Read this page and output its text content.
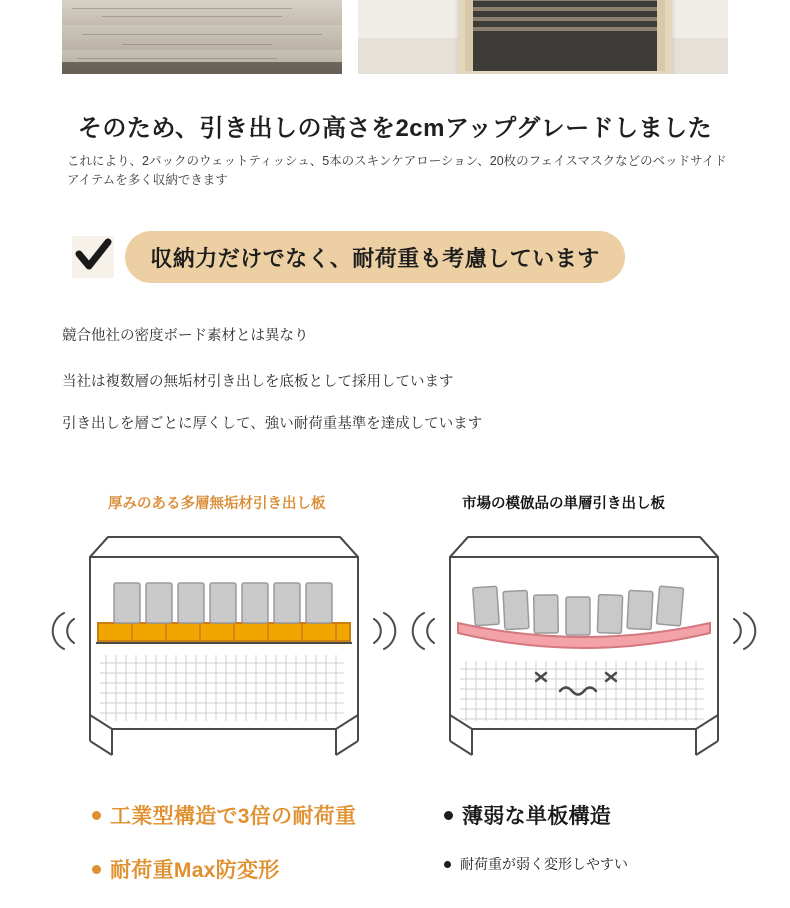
そのため、引き出しの高さを2cmアップグレードしました
これにより、2パックのウェットティッシュ、5本のスキンケアローション、20枚のフェイスマスクなどのベッドサイドアイテムを多く収納できます
収納力だけでなく、耐荷重も考慮しています
競合他社の密度ボード素材とは異なり
当社は複数層の無垢材引き出しを底板として採用しています
引き出しを層ごとに厚くして、強い耐荷重基準を達成しています
厚みのある多層無垢材引き出し板	市場の模倣品の単層引き出し板
工業型構造で3倍の耐荷重
耐荷重Max防変形
薄弱な単板構造
耐荷重が弱く変形しやすい
